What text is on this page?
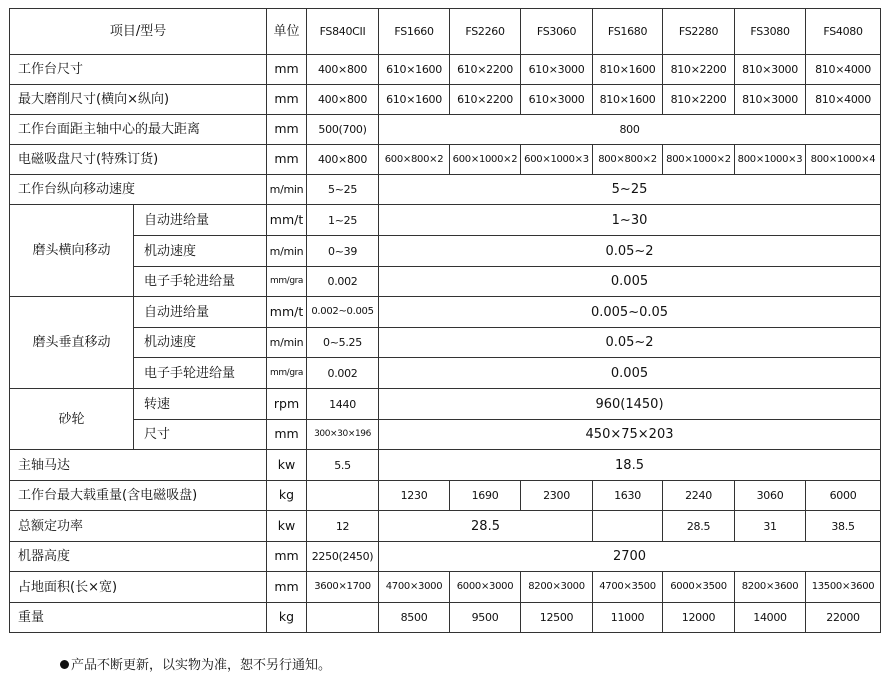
项目/型号		单位	FS840CII	FS1660	FS2260	FS3060	FS1680	FS2280	FS3080	FS4080
工作台尺寸		mm	400×800	610×1600	610×2200	610×3000	810×1600	810×2200	810×3000	810×4000
最大磨削尺寸(横向×纵向)		mm	400×800	610×1600	610×2200	610×3000	810×1600	810×2200	810×3000	810×4000
工作台面距主轴中心的最大距离		mm	500(700)	800						
电磁吸盘尺寸(特殊订货)		mm	400×800	600×800×2	600×1000×2	600×1000×3	800×800×2	800×1000×2	800×1000×3	800×1000×4
工作台纵向移动速度		m/min	5~25	5~25						
磨头横向移动	自动进给量	mm/t	1~25	1~30						
	机动速度	m/min	0~39	0.05~2						
	电子手轮进给量	mm/gra	0.002	0.005						
磨头垂直移动	自动进给量	mm/t	0.002~0.005	0.005~0.05						
	机动速度	m/min	0~5.25	0.05~2						
	电子手轮进给量	mm/gra	0.002	0.005						
砂轮	转速	rpm	1440	960(1450)						
	尺寸	mm	300×30×196	450×75×203						
主轴马达		kw	5.5	18.5						
工作台最大载重量(含电磁吸盘)		kg		1230	1690	2300	1630	2240	3060	6000
总额定功率		kw	12	28.5				28.5	31	38.5
机器高度		mm	2250(2450)	2700						
占地面积(长×宽)		mm	3600×1700	4700×3000	6000×3000	8200×3000	4700×3500	6000×3500	8200×3600	13500×3600
重量		kg		8500	9500	12500	11000	12000	14000	22000
产品不断更新，以实物为准，恕不另行通知。
